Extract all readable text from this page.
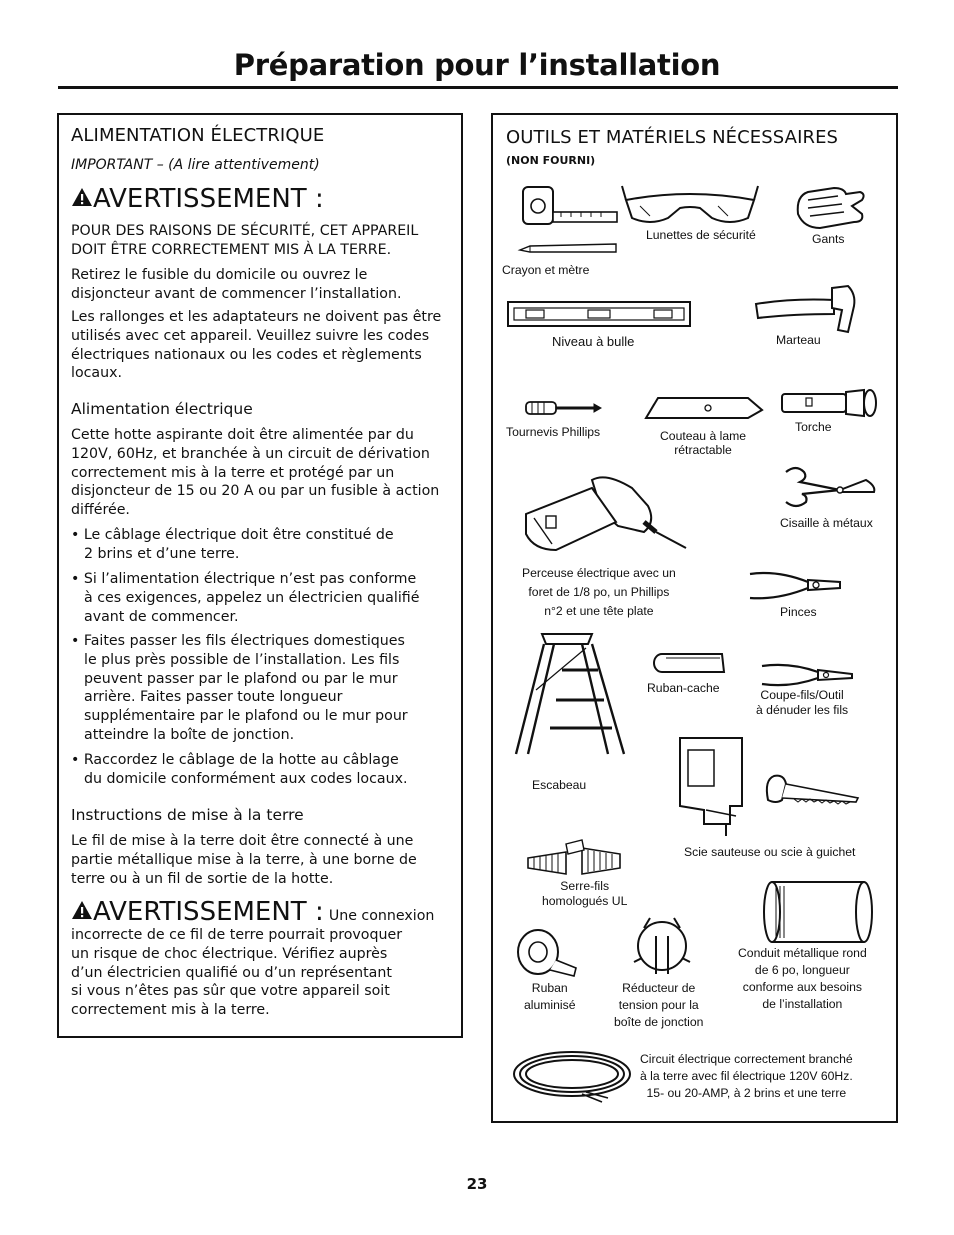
Préparation pour l’installation
ALIMENTATION ÉLECTRIQUE
IMPORTANT – (A lire attentivement)
AVERTISSEMENT :
POUR DES RAISONS DE SÉCURITÉ, CET APPAREIL
DOIT ÊTRE CORRECTEMENT MIS À LA TERRE.
Retirez le fusible du domicile ou ouvrez le
disjoncteur avant de commencer l’installation.
Les rallonges et les adaptateurs ne doivent pas être
utilisés avec cet appareil. Veuillez suivre les codes
électriques nationaux ou les codes et règlements
locaux.
Alimentation électrique
Cette hotte aspirante doit être alimentée par du
120V, 60Hz, et branchée à un circuit de dérivation
correctement mis à la terre et protégé par un
disjoncteur de 15 ou 20 A ou par un fusible à action
différée.
• Le câblage électrique doit être constitué de
2 brins et d’une terre.
• Si l’alimentation électrique n’est pas conforme
à ces exigences, appelez un électricien qualifié
avant de commencer.
• Faites passer les fils électriques domestiques
le plus près possible de l’installation. Les fils
peuvent passer par le plafond ou par le mur
arrière. Faites passer toute longueur
supplémentaire par le plafond ou le mur pour
atteindre la boîte de jonction.
• Raccordez le câblage de la hotte au câblage
du domicile conformément aux codes locaux.
Instructions de mise à la terre
Le fil de mise à la terre doit être connecté à une
partie métallique mise à la terre, à une borne de
terre ou à un fil de sortie de la hotte.
AVERTISSEMENT : Une connexion
incorrecte de ce fil de terre pourrait provoquer
un risque de choc électrique. Vérifiez auprès
d’un électricien qualifié ou d’un représentant
si vous n’êtes pas sûr que votre appareil soit
correctement mis à la terre.
OUTILS ET MATÉRIELS NÉCESSAIRES
(NON FOURNI)
Crayon et mètre
Lunettes de sécurité	Gants
Niveau à bulle	Marteau
Tournevis Phillips	Couteau à lame
rétractable
Torche
Cisaille à métaux
Perceuse électrique avec un
foret de 1/8 po, un Phillips
n°2 et une tête plate	Pinces
Escabeau
Ruban-cache	Coupe-fils/Outil
à dénuder les fils
Scie sauteuse ou scie à guichet
Serre-fils
homologués UL
Conduit métallique rond
de 6 po, longueur
conforme aux besoins
de l’installation
Ruban
aluminisé
Réducteur de
tension pour la
boîte de jonction
Circuit électrique correctement branché
à la terre avec fil électrique 120V 60Hz.
15- ou 20-AMP, à 2 brins et une terre
23
